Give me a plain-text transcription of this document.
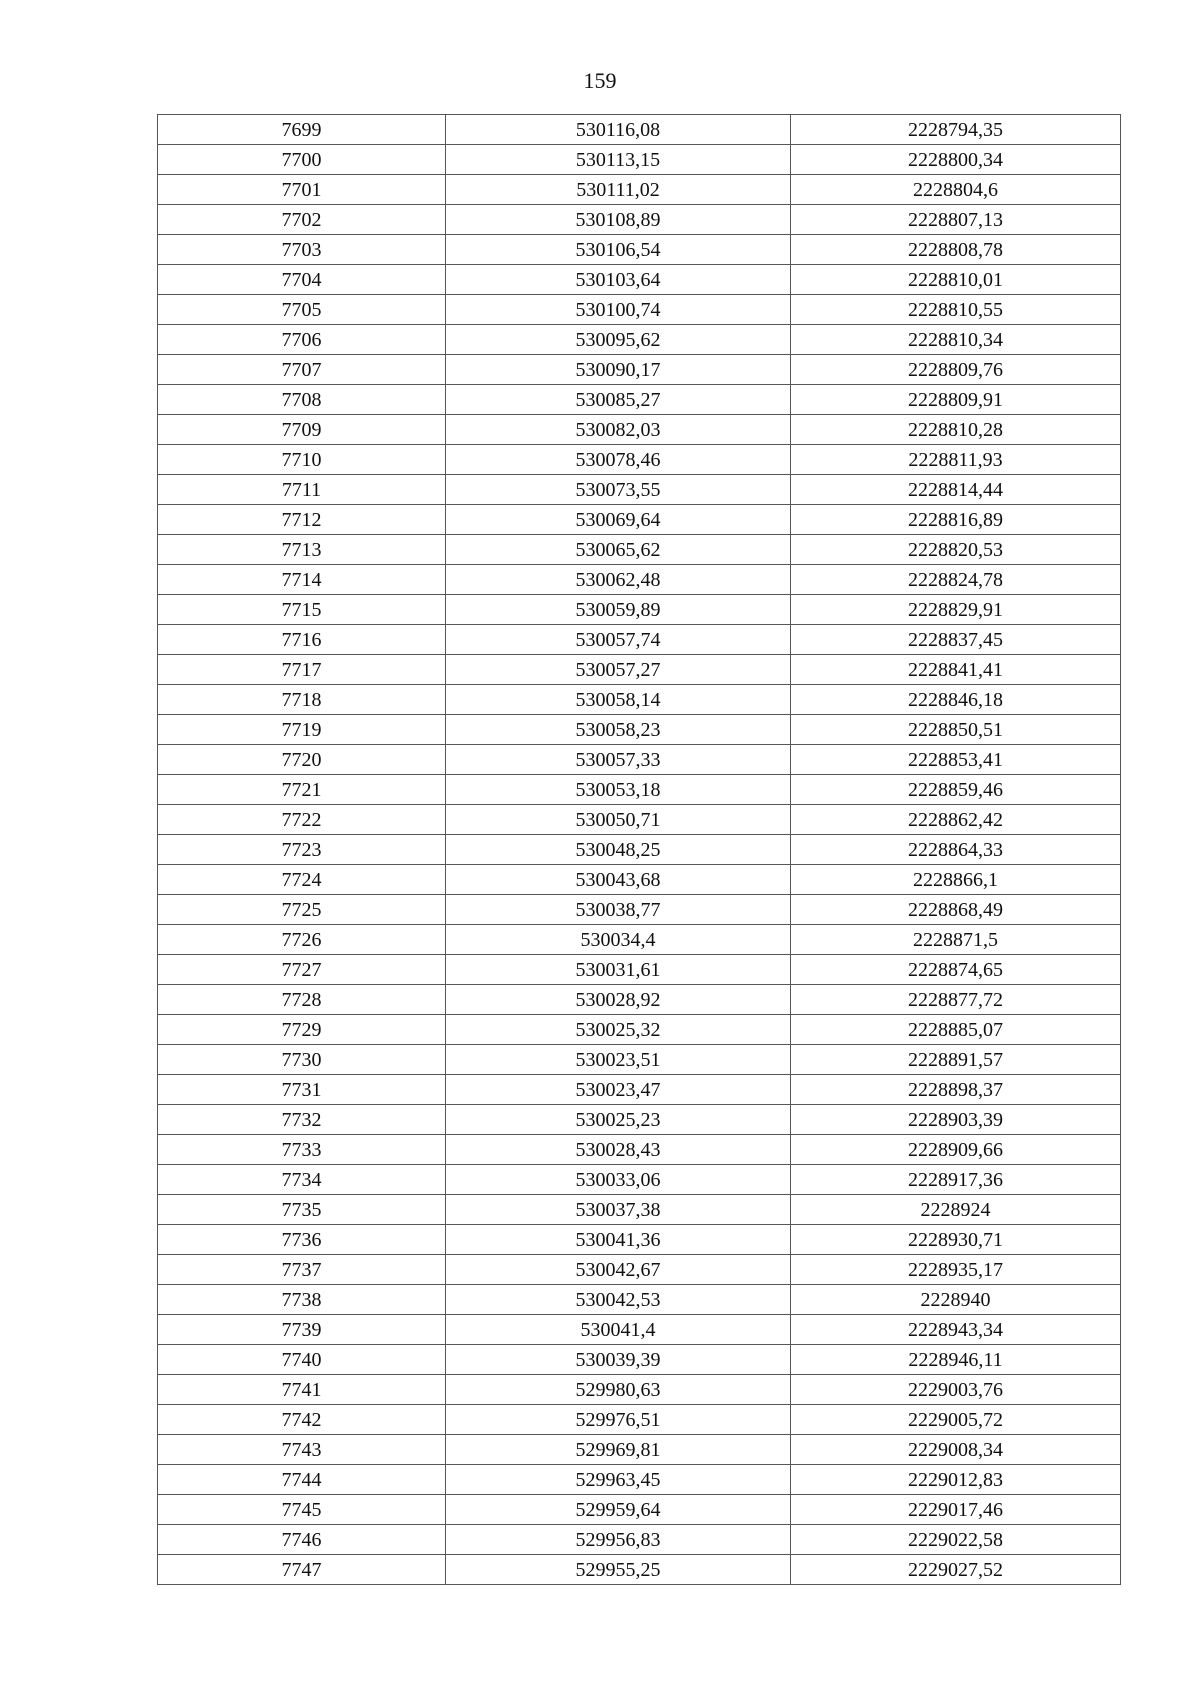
159
7699	530116,08	2228794,35
7700	530113,15	2228800,34
7701	530111,02	2228804,6
7702	530108,89	2228807,13
7703	530106,54	2228808,78
7704	530103,64	2228810,01
7705	530100,74	2228810,55
7706	530095,62	2228810,34
7707	530090,17	2228809,76
7708	530085,27	2228809,91
7709	530082,03	2228810,28
7710	530078,46	2228811,93
7711	530073,55	2228814,44
7712	530069,64	2228816,89
7713	530065,62	2228820,53
7714	530062,48	2228824,78
7715	530059,89	2228829,91
7716	530057,74	2228837,45
7717	530057,27	2228841,41
7718	530058,14	2228846,18
7719	530058,23	2228850,51
7720	530057,33	2228853,41
7721	530053,18	2228859,46
7722	530050,71	2228862,42
7723	530048,25	2228864,33
7724	530043,68	2228866,1
7725	530038,77	2228868,49
7726	530034,4	2228871,5
7727	530031,61	2228874,65
7728	530028,92	2228877,72
7729	530025,32	2228885,07
7730	530023,51	2228891,57
7731	530023,47	2228898,37
7732	530025,23	2228903,39
7733	530028,43	2228909,66
7734	530033,06	2228917,36
7735	530037,38	2228924
7736	530041,36	2228930,71
7737	530042,67	2228935,17
7738	530042,53	2228940
7739	530041,4	2228943,34
7740	530039,39	2228946,11
7741	529980,63	2229003,76
7742	529976,51	2229005,72
7743	529969,81	2229008,34
7744	529963,45	2229012,83
7745	529959,64	2229017,46
7746	529956,83	2229022,58
7747	529955,25	2229027,52
